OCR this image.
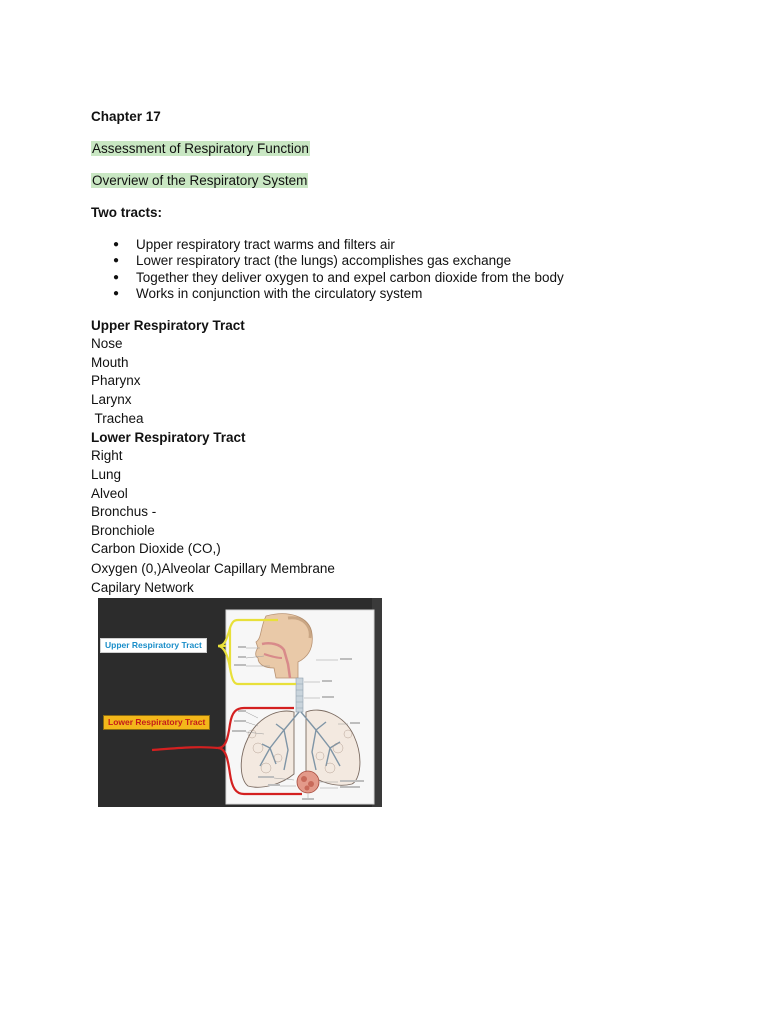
Chapter 17
Assessment of Respiratory Function
Overview of the Respiratory System
Two tracts:
● Upper respiratory tract warms and filters air
● Lower respiratory tract (the lungs) accomplishes gas exchange
● Together they deliver oxygen to and expel carbon dioxide from the body
● Works in conjunction with the circulatory system
Upper Respiratory Tract
Nose
Mouth
Pharynx
Larynx
Trachea
Lower Respiratory Tract
Right
Lung
Alveol
Bronchus -
Bronchiole
Carbon Dioxide (CO,)
Oxygen (0,)Alveolar Capillary Membrane
Capilary Network
Upper Respiratory Tract
Lower Respiratory Tract
